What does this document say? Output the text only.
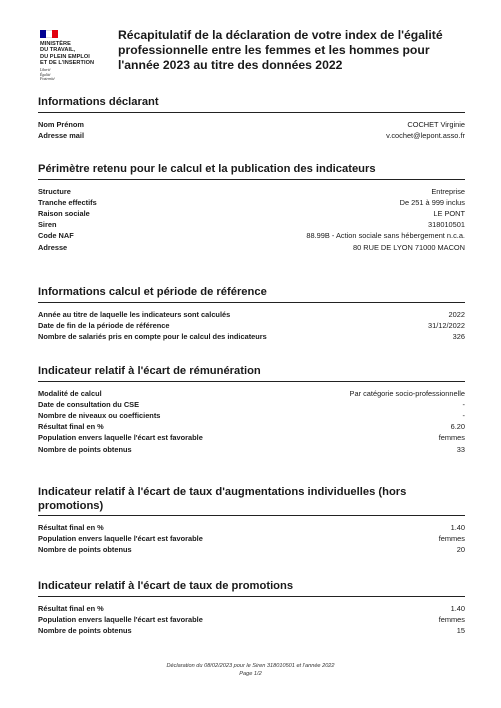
MINISTÈRE
DU TRAVAIL,
DU PLEIN EMPLOI
ET DE L'INSERTION
Liberté
Égalité
Fraternité
Récapitulatif de la déclaration de votre index de l'égalité professionnelle entre les femmes et les hommes pour l'année 2023 au titre des données 2022
Informations déclarant
Nom Prénom	COCHET Virginie
Adresse mail	v.cochet@lepont.asso.fr
Périmètre retenu pour le calcul et la publication des indicateurs
Structure	Entreprise
Tranche effectifs	De 251 à 999 inclus
Raison sociale	LE PONT
Siren	318010501
Code NAF	88.99B - Action sociale sans hébergement n.c.a.
Adresse	80 RUE DE LYON 71000 MACON
Informations calcul et période de référence
Année au titre de laquelle les indicateurs sont calculés	2022
Date de fin de la période de référence	31/12/2022
Nombre de salariés pris en compte pour le calcul des indicateurs	326
Indicateur relatif à l'écart de rémunération
Modalité de calcul	Par catégorie socio-professionnelle
Date de consultation du CSE	-
Nombre de niveaux ou coefficients	-
Résultat final en %	6.20
Population envers laquelle l'écart est favorable	femmes
Nombre de points obtenus	33
Indicateur relatif à l'écart de taux d'augmentations individuelles (hors promotions)
Résultat final en %	1.40
Population envers laquelle l'écart est favorable	femmes
Nombre de points obtenus	20
Indicateur relatif à l'écart de taux de promotions
Résultat final en %	1.40
Population envers laquelle l'écart est favorable	femmes
Nombre de points obtenus	15
Déclaration du 08/02/2023 pour le Siren 318010501 et l'année 2022
Page 1/2
